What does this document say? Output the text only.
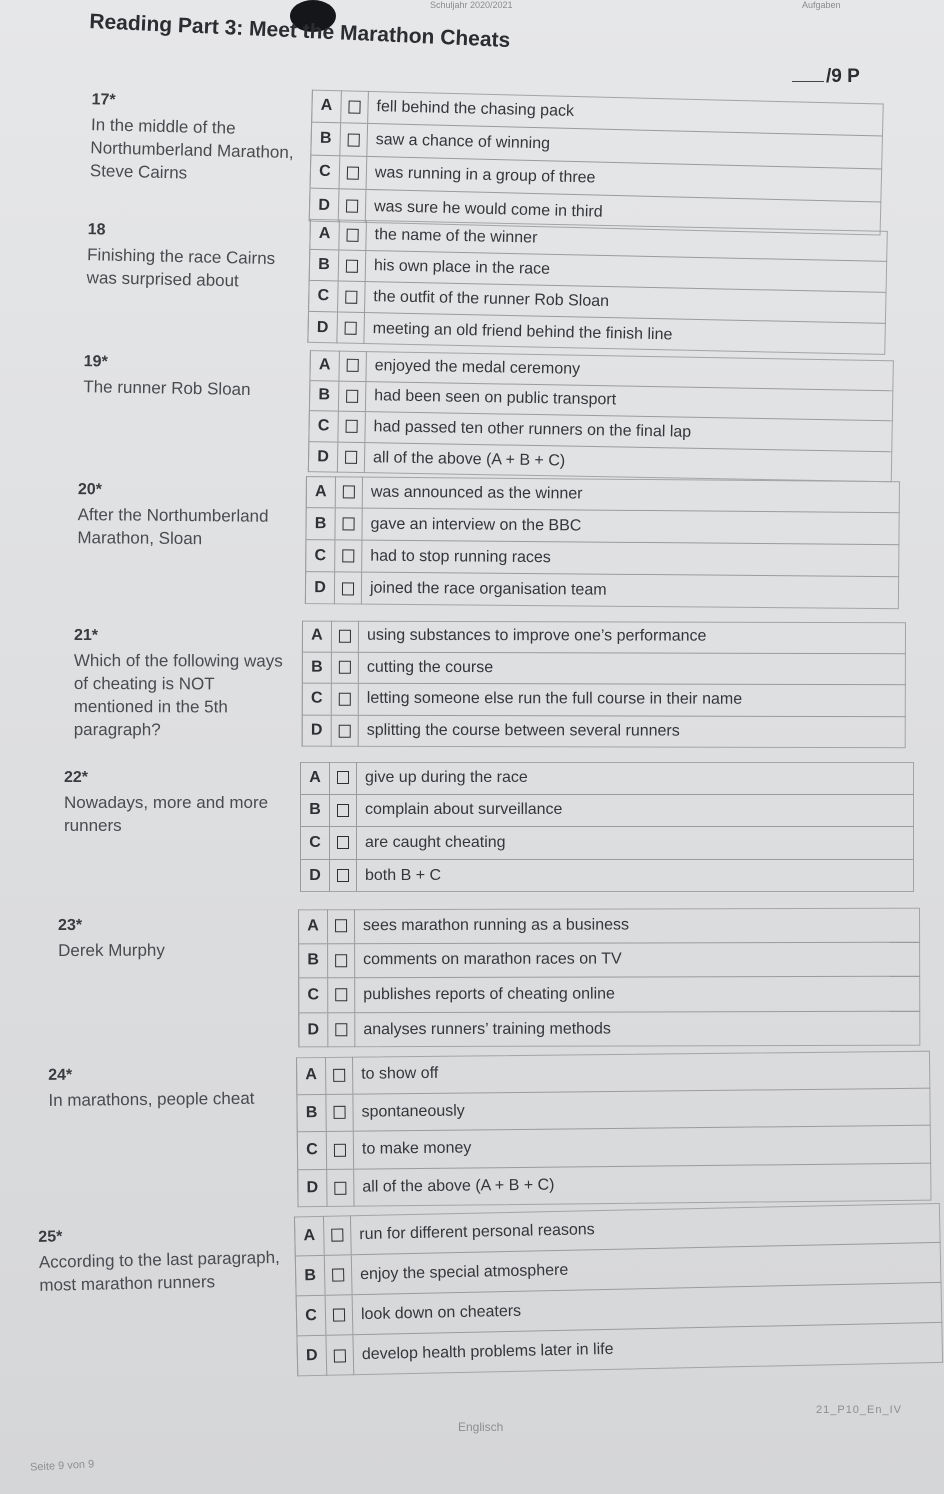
Schuljahr 2020/2021	Aufgaben
Reading Part 3: Meet the Marathon Cheats
/9 P
17*
In the middle of the Northumberland Marathon, Steve Cairns
A	fell behind the chasing pack
B	saw a chance of winning
C	was running in a group of three
D	was sure he would come in third
18
Finishing the race Cairns was surprised about
A	the name of the winner
B	his own place in the race
C	the outfit of the runner Rob Sloan
D	meeting an old friend behind the finish line
19*
The runner Rob Sloan
A	enjoyed the medal ceremony
B	had been seen on public transport
C	had passed ten other runners on the final lap
D	all of the above (A + B + C)
20*
After the Northumberland Marathon, Sloan
A	was announced as the winner
B	gave an interview on the BBC
C	had to stop running races
D	joined the race organisation team
21*
Which of the following ways of cheating is NOT mentioned in the 5th paragraph?
A	using substances to improve one’s performance
B	cutting the course
C	letting someone else run the full course in their name
D	splitting the course between several runners
22*
Nowadays, more and more runners
A	give up during the race
B	complain about surveillance
C	are caught cheating
D	both B + C
23*
Derek Murphy
A	sees marathon running as a business
B	comments on marathon races on TV
C	publishes reports of cheating online
D	analyses runners’ training methods
24*
In marathons, people cheat
A	to show off
B	spontaneously
C	to make money
D	all of the above (A + B + C)
25*
According to the last paragraph, most marathon runners
A	run for different personal reasons
B	enjoy the special atmosphere
C	look down on cheaters
D	develop health problems later in life
Englisch
21_P10_En_IV
Seite 9 von 9
